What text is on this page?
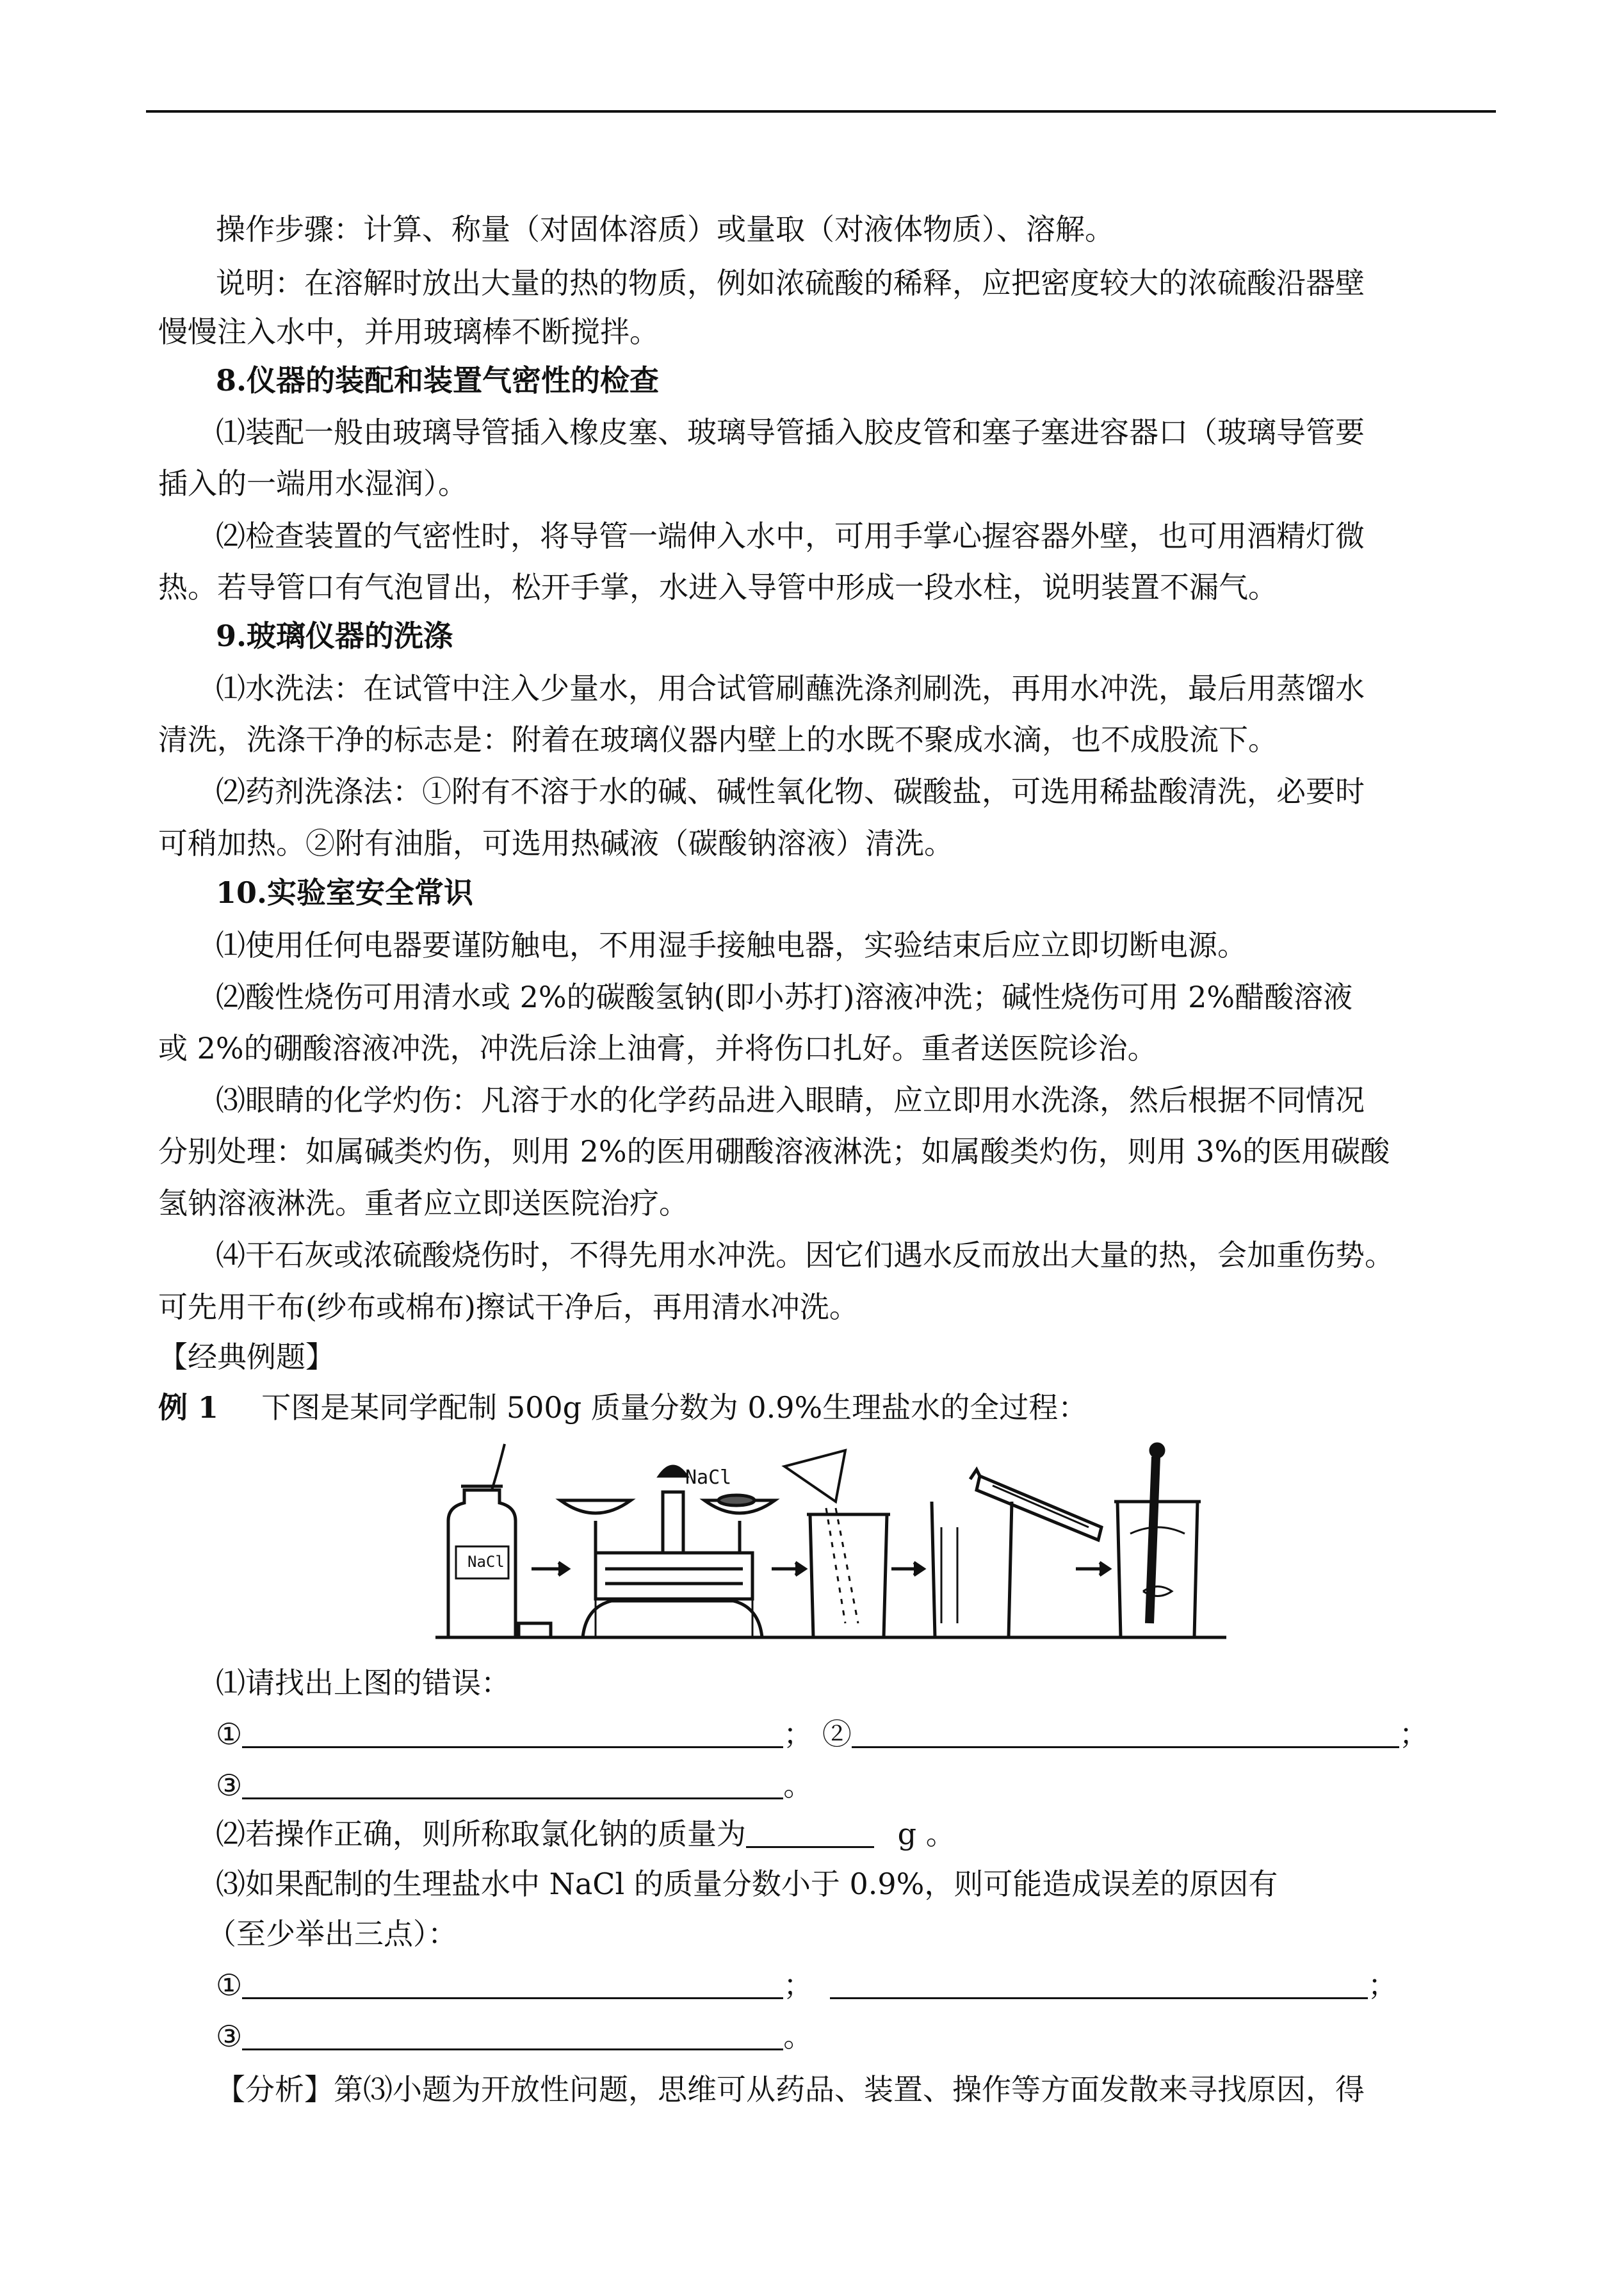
操作步骤：计算、称量（对固体溶质）或量取（对液体物质）、溶解。
说明：在溶解时放出大量的热的物质，例如浓硫酸的稀释，应把密度较大的浓硫酸沿器壁
慢慢注入水中，并用玻璃棒不断搅拌。
8.仪器的装配和装置气密性的检查
⑴装配一般由玻璃导管插入橡皮塞、玻璃导管插入胶皮管和塞子塞进容器口（玻璃导管要
插入的一端用水湿润）。
⑵检查装置的气密性时，将导管一端伸入水中，可用手掌心握容器外壁，也可用酒精灯微
热。若导管口有气泡冒出，松开手掌，水进入导管中形成一段水柱，说明装置不漏气。
9.玻璃仪器的洗涤
⑴水洗法：在试管中注入少量水，用合试管刷蘸洗涤剂刷洗，再用水冲洗，最后用蒸馏水
清洗，洗涤干净的标志是：附着在玻璃仪器内壁上的水既不聚成水滴，也不成股流下。
⑵药剂洗涤法：①附有不溶于水的碱、碱性氧化物、碳酸盐，可选用稀盐酸清洗，必要时
可稍加热。②附有油脂，可选用热碱液（碳酸钠溶液）清洗。
10.实验室安全常识
⑴使用任何电器要谨防触电，不用湿手接触电器，实验结束后应立即切断电源。
⑵酸性烧伤可用清水或 2%的碳酸氢钠(即小苏打)溶液冲洗；碱性烧伤可用 2%醋酸溶液
或 2%的硼酸溶液冲洗，冲洗后涂上油膏，并将伤口扎好。重者送医院诊治。
⑶眼睛的化学灼伤：凡溶于水的化学药品进入眼睛，应立即用水洗涤，然后根据不同情况
分别处理：如属碱类灼伤，则用 2%的医用硼酸溶液淋洗；如属酸类灼伤，则用 3%的医用碳酸
氢钠溶液淋洗。重者应立即送医院治疗。
⑷干石灰或浓硫酸烧伤时，不得先用水冲洗。因它们遇水反而放出大量的热，会加重伤势。
可先用干布(纱布或棉布)擦试干净后，再用清水冲洗。
【经典例题】
例 1 下图是某同学配制 500g 质量分数为 0.9%生理盐水的全过程：
NaCl
NaCl
⑴请找出上图的错误：
①	； ②	；
③	。
⑵若操作正确，则所称取氯化钠的质量为	g 。
⑶如果配制的生理盐水中 NaCl 的质量分数小于 0.9%，则可能造成误差的原因有
（至少举出三点）：
①	；	；
③	。
【分析】第⑶小题为开放性问题，思维可从药品、装置、操作等方面发散来寻找原因，得
